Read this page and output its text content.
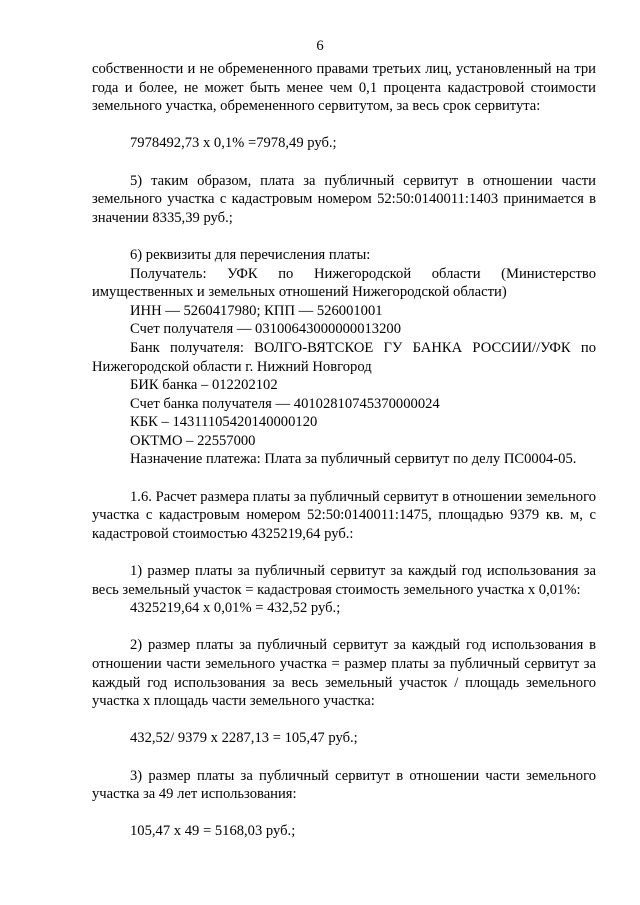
6

собственности и не обремененного правами третьих лиц, установленный на три года и более, не может быть менее чем 0,1 процента кадастровой стоимости земельного участка, обремененного сервитутом, за весь срок сервитута:

7978492,73 х 0,1% =7978,49 руб.;

5) таким образом, плата за публичный сервитут в отношении части земельного участка с кадастровым номером 52:50:0140011:1403 принимается в значении 8335,39 руб.;

6) реквизиты для перечисления платы:

Получатель: УФК по Нижегородской области (Министерство имущественных и земельных отношений Нижегородской области)

ИНН — 5260417980; КПП — 526001001

Счет получателя — 03100643000000013200

Банк получателя: ВОЛГО-ВЯТСКОЕ ГУ БАНКА РОССИИ//УФК по Нижегородской области г. Нижний Новгород

БИК банка – 012202102

Счет банка получателя — 40102810745370000024

КБК – 14311105420140000120

ОКТМО – 22557000

Назначение платежа: Плата за публичный сервитут по делу ПС0004-05.

1.6. Расчет размера платы за публичный сервитут в отношении земельного участка с кадастровым номером 52:50:0140011:1475, площадью 9379 кв. м, с кадастровой стоимостью 4325219,64 руб.:

1) размер платы за публичный сервитут за каждый год использования за весь земельный участок = кадастровая стоимость земельного участка х 0,01%:

4325219,64 х 0,01% = 432,52 руб.;

2) размер платы за публичный сервитут за каждый год использования в отношении части земельного участка = размер платы за публичный сервитут за каждый год использования за весь земельный участок / площадь земельного участка х площадь части земельного участка:

432,52/ 9379 х 2287,13 = 105,47 руб.;

3) размер платы за публичный сервитут в отношении части земельного участка за 49 лет использования:

105,47 х 49 = 5168,03 руб.;
